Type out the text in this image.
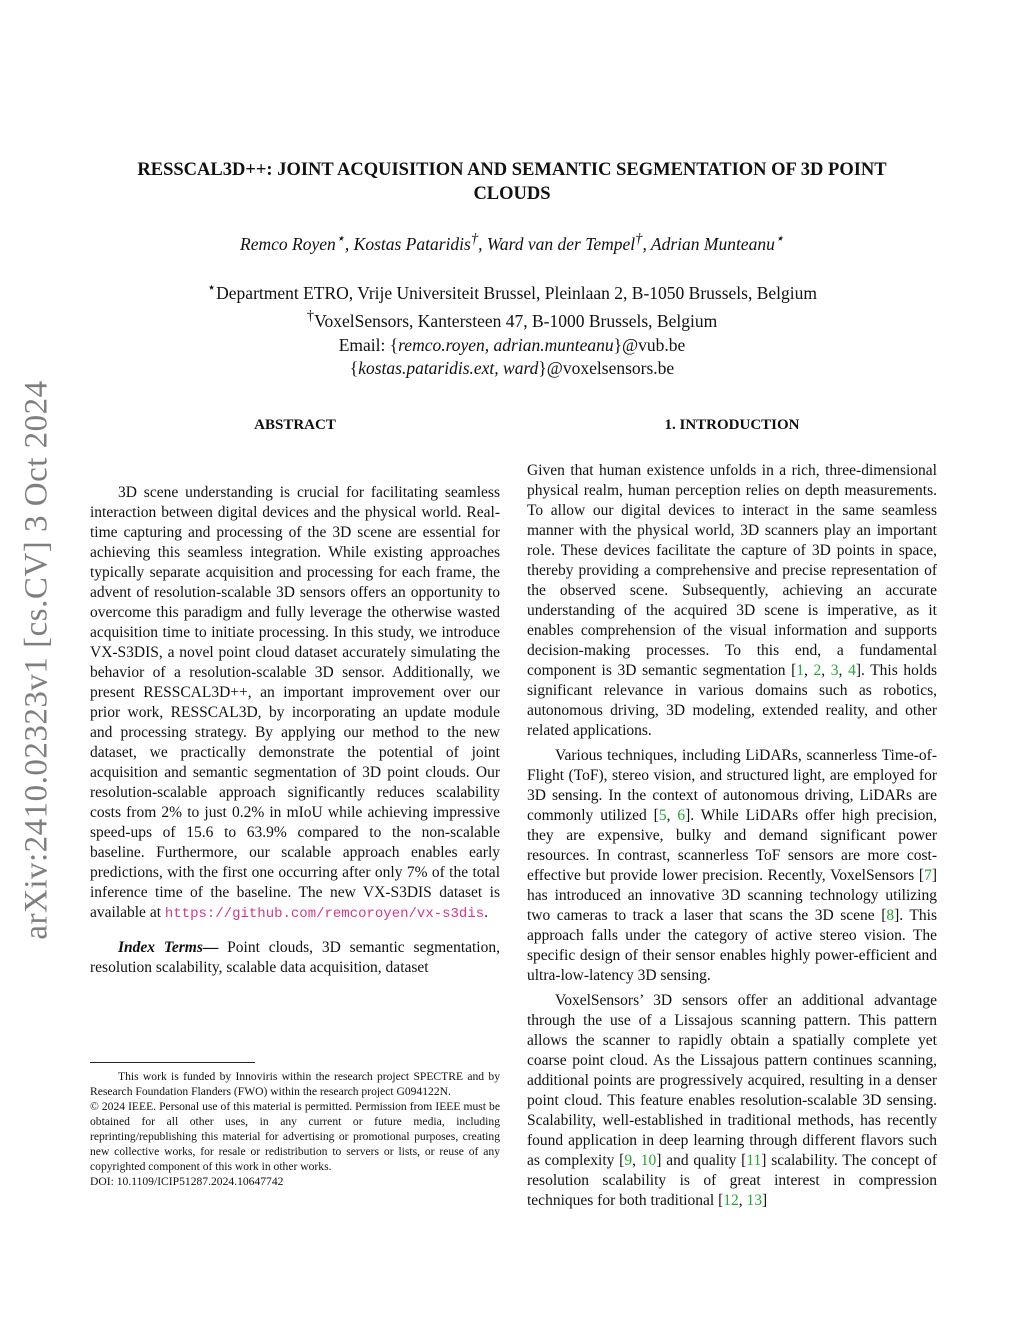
arXiv:2410.02323v1 [cs.CV] 3 Oct 2024
RESSCAL3D++: JOINT ACQUISITION AND SEMANTIC SEGMENTATION OF 3D POINT
CLOUDS
Remco Royen⋆, Kostas Pataridis†, Ward van der Tempel†, Adrian Munteanu⋆
⋆Department ETRO, Vrije Universiteit Brussel, Pleinlaan 2, B-1050 Brussels, Belgium
†VoxelSensors, Kantersteen 47, B-1000 Brussels, Belgium
Email: {remco.royen, adrian.munteanu}@vub.be
{kostas.pataridis.ext, ward}@voxelsensors.be
ABSTRACT

3D scene understanding is crucial for facilitating seamless interaction between digital devices and the physical world. Real-time capturing and processing of the 3D scene are essential for achieving this seamless integration. While existing approaches typically separate acquisition and processing for each frame, the advent of resolution-scalable 3D sensors offers an opportunity to overcome this paradigm and fully leverage the otherwise wasted acquisition time to initiate processing. In this study, we introduce VX-S3DIS, a novel point cloud dataset accurately simulating the behavior of a resolution-scalable 3D sensor. Additionally, we present RESSCAL3D++, an important improvement over our prior work, RESSCAL3D, by incorporating an update module and processing strategy. By applying our method to the new dataset, we practically demonstrate the potential of joint acquisition and semantic segmentation of 3D point clouds. Our resolution-scalable approach significantly reduces scalability costs from 2% to just 0.2% in mIoU while achieving impressive speed-ups of 15.6 to 63.9% compared to the non-scalable baseline. Furthermore, our scalable approach enables early predictions, with the first one occurring after only 7% of the total inference time of the baseline. The new VX-S3DIS dataset is available at https://github.com/remcoroyen/vx-s3dis.

Index Terms— Point clouds, 3D semantic segmentation, resolution scalability, scalable data acquisition, dataset

This work is funded by Innoviris within the research project SPECTRE and by Research Foundation Flanders (FWO) within the research project G094122N.

© 2024 IEEE. Personal use of this material is permitted. Permission from IEEE must be obtained for all other uses, in any current or future media, including reprinting/republishing this material for advertising or promotional purposes, creating new collective works, for resale or redistribution to servers or lists, or reuse of any copyrighted component of this work in other works.

DOI: 10.1109/ICIP51287.2024.10647742

1. INTRODUCTION

Given that human existence unfolds in a rich, three-dimensional physical realm, human perception relies on depth measurements. To allow our digital devices to interact in the same seamless manner with the physical world, 3D scanners play an important role. These devices facilitate the capture of 3D points in space, thereby providing a comprehensive and precise representation of the observed scene. Subsequently, achieving an accurate understanding of the acquired 3D scene is imperative, as it enables comprehension of the visual information and supports decision-making processes. To this end, a fundamental component is 3D semantic segmentation [1, 2, 3, 4]. This holds significant relevance in various domains such as robotics, autonomous driving, 3D modeling, extended reality, and other related applications.

Various techniques, including LiDARs, scannerless Time-of-Flight (ToF), stereo vision, and structured light, are employed for 3D sensing. In the context of autonomous driving, LiDARs are commonly utilized [5, 6]. While LiDARs offer high precision, they are expensive, bulky and demand significant power resources. In contrast, scannerless ToF sensors are more cost-effective but provide lower precision. Recently, VoxelSensors [7] has introduced an innovative 3D scanning technology utilizing two cameras to track a laser that scans the 3D scene [8]. This approach falls under the category of active stereo vision. The specific design of their sensor enables highly power-efficient and ultra-low-latency 3D sensing.

VoxelSensors’ 3D sensors offer an additional advantage through the use of a Lissajous scanning pattern. This pattern allows the scanner to rapidly obtain a spatially complete yet coarse point cloud. As the Lissajous pattern continues scanning, additional points are progressively acquired, resulting in a denser point cloud. This feature enables resolution-scalable 3D sensing. Scalability, well-established in traditional methods, has recently found application in deep learning through different flavors such as complexity [9, 10] and quality [11] scalability. The concept of resolution scalability is of great interest in compression techniques for both traditional [12, 13]
